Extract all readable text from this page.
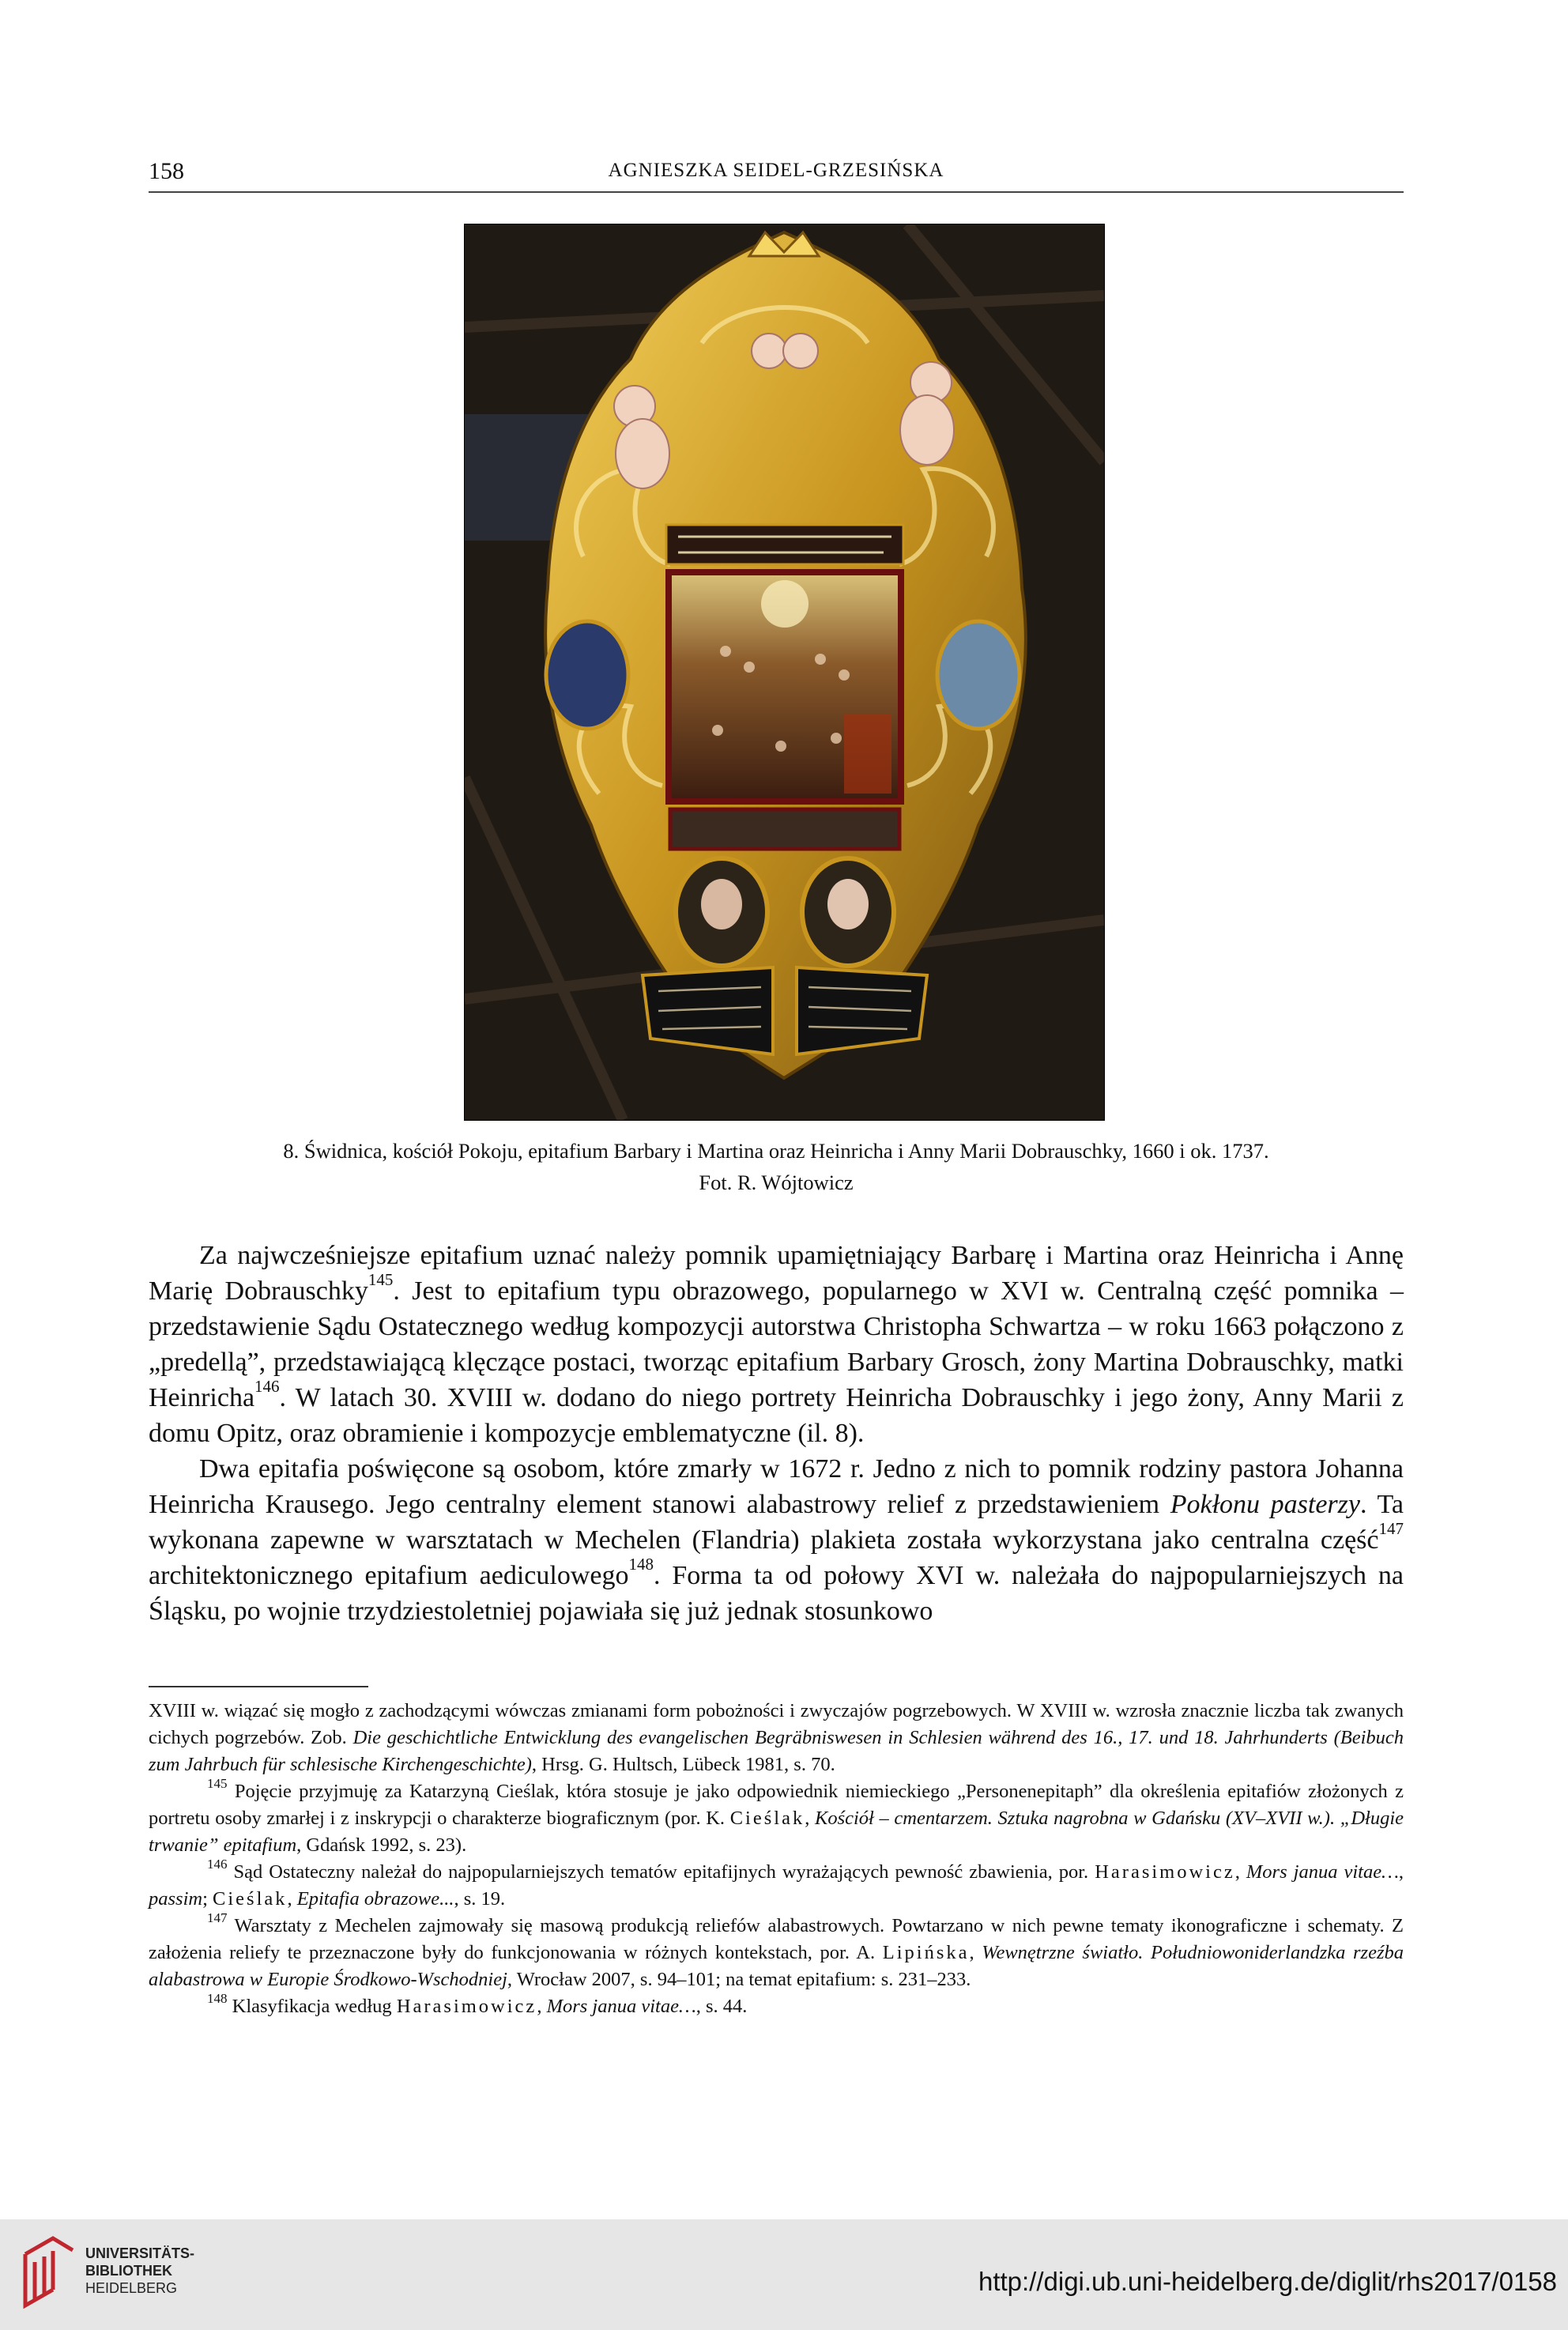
158	AGNIESZKA SEIDEL-GRZESIŃSKA
8. Świdnica, kościół Pokoju, epitafium Barbary i Martina oraz Heinricha i Anny Marii Dobrauschky, 1660 i ok. 1737.
Fot. R. Wójtowicz

Za najwcześniejsze epitafium uznać należy pomnik upamiętniający Barbarę i Martina oraz Heinricha i Annę Marię Dobrauschky$^{145}$. Jest to epitafium typu obrazowego, popularnego w XVI w. Centralną część pomnika – przedstawienie Sądu Ostatecznego według kompozycji autorstwa Christopha Schwartza – w roku 1663 połączono z „predellą”, przedstawiającą klęczące postaci, tworząc epitafium Barbary Grosch, żony Martina Dobrauschky, matki Heinricha$^{146}$. W latach 30. XVIII w. dodano do niego portrety Heinricha Dobrauschky i jego żony, Anny Marii z domu Opitz, oraz obramienie i kompozycje emblematyczne (il. 8).

Dwa epitafia poświęcone są osobom, które zmarły w 1672 r. Jedno z nich to pomnik rodziny pastora Johanna Heinricha Krausego. Jego centralny element stanowi alabastrowy relief z przedstawieniem Pokłonu pasterzy. Ta wykonana zapewne w warsztatach w Mechelen (Flandria) plakieta została wykorzystana jako centralna część$^{147}$ architektonicznego epitafium aediculowego$^{148}$. Forma ta od połowy XVI w. należała do najpopularniejszych na Śląsku, po wojnie trzydziestoletniej pojawiała się już jednak stosunkowo

XVIII w. wiązać się mogło z zachodzącymi wówczas zmianami form pobożności i zwyczajów pogrzebowych. W XVIII w. wzrosła znacznie liczba tak zwanych cichych pogrzebów. Zob. Die geschichtliche Entwicklung des evangelischen Begräbniswesen in Schlesien während des 16., 17. und 18. Jahrhunderts (Beibuch zum Jahrbuch für schlesische Kirchengeschichte), Hrsg. G. Hultsch, Lübeck 1981, s. 70.

$^{145}$ Pojęcie przyjmuję za Katarzyną Cieślak, która stosuje je jako odpowiednik niemieckiego „Personenepitaph” dla określenia epitafiów złożonych z portretu osoby zmarłej i z inskrypcji o charakterze biograficznym (por. K. Cieślak, Kościół – cmentarzem. Sztuka nagrobna w Gdańsku (XV–XVII w.). „Długie trwanie” epitafium, Gdańsk 1992, s. 23).

$^{146}$ Sąd Ostateczny należał do najpopularniejszych tematów epitafijnych wyrażających pewność zbawienia, por. Harasimowicz, Mors janua vitae…, passim; Cieślak, Epitafia obrazowe..., s. 19.

$^{147}$ Warsztaty z Mechelen zajmowały się masową produkcją reliefów alabastrowych. Powtarzano w nich pewne tematy ikonograficzne i schematy. Z założenia reliefy te przeznaczone były do funkcjonowania w różnych kontekstach, por. A. Lipińska, Wewnętrzne światło. Południowoniderlandzka rzeźba alabastrowa w Europie Środkowo-Wschodniej, Wrocław 2007, s. 94–101; na temat epitafium: s. 231–233.

$^{148}$ Klasyfikacja według Harasimowicz, Mors janua vitae…, s. 44.

UNIVERSITÄTS-
BIBLIOTHEK
HEIDELBERG	http://digi.ub.uni-heidelberg.de/diglit/rhs2017/0158
